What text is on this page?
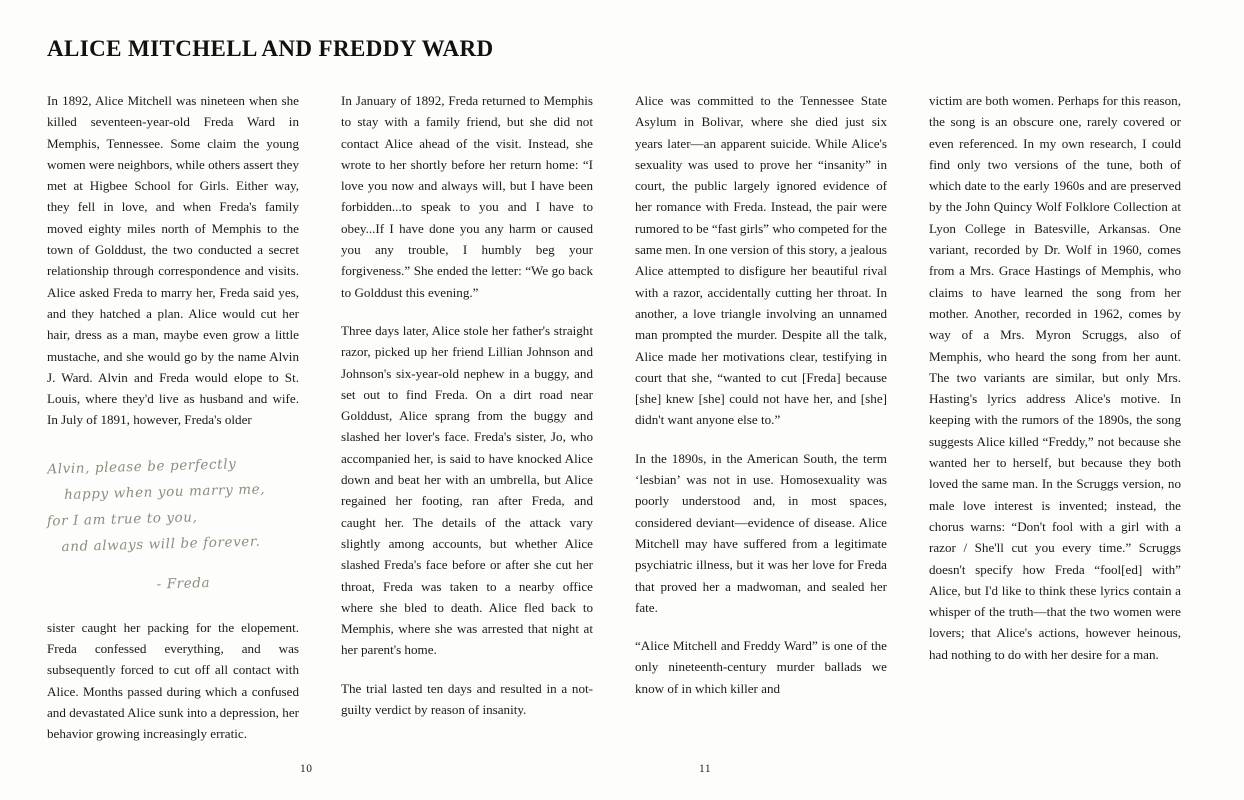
ALICE MITCHELL AND FREDDY WARD

In 1892, Alice Mitchell was nineteen when she killed seventeen-year-old Freda Ward in Memphis, Tennessee. Some claim the young women were neighbors, while others assert they met at Higbee School for Girls. Either way, they fell in love, and when Freda's family moved eighty miles north of Memphis to the town of Golddust, the two conducted a secret relationship through correspondence and visits. Alice asked Freda to marry her, Freda said yes, and they hatched a plan. Alice would cut her hair, dress as a man, maybe even grow a little mustache, and she would go by the name Alvin J. Ward. Alvin and Freda would elope to St. Louis, where they'd live as husband and wife. In July of 1891, however, Freda's older

Alvin, please be perfectly happy when you marry me, for I am true to you, and always will be forever.
- Freda

sister caught her packing for the elopement. Freda confessed everything, and was subsequently forced to cut off all contact with Alice. Months passed during which a confused and devastated Alice sunk into a depression, her behavior growing increasingly erratic.

In January of 1892, Freda returned to Memphis to stay with a family friend, but she did not contact Alice ahead of the visit. Instead, she wrote to her shortly before her return home: “I love you now and always will, but I have been forbidden...to speak to you and I have to obey...If I have done you any harm or caused you any trouble, I humbly beg your forgiveness.” She ended the letter: “We go back to Golddust this evening.”

Three days later, Alice stole her father's straight razor, picked up her friend Lillian Johnson and Johnson's six-year-old nephew in a buggy, and set out to find Freda. On a dirt road near Golddust, Alice sprang from the buggy and slashed her lover's face. Freda's sister, Jo, who accompanied her, is said to have knocked Alice down and beat her with an umbrella, but Alice regained her footing, ran after Freda, and caught her. The details of the attack vary slightly among accounts, but whether Alice slashed Freda's face before or after she cut her throat, Freda was taken to a nearby office where she bled to death. Alice fled back to Memphis, where she was arrested that night at her parent's home.

The trial lasted ten days and resulted in a not-guilty verdict by reason of insanity.

Alice was committed to the Tennessee State Asylum in Bolivar, where she died just six years later—an apparent suicide. While Alice's sexuality was used to prove her “insanity” in court, the public largely ignored evidence of her romance with Freda. Instead, the pair were rumored to be “fast girls” who competed for the same men. In one version of this story, a jealous Alice attempted to disfigure her beautiful rival with a razor, accidentally cutting her throat. In another, a love triangle involving an unnamed man prompted the murder. Despite all the talk, Alice made her motivations clear, testifying in court that she, “wanted to cut [Freda] because [she] knew [she] could not have her, and [she] didn't want anyone else to.”

In the 1890s, in the American South, the term ‘lesbian’ was not in use. Homosexuality was poorly understood and, in most spaces, considered deviant—evidence of disease. Alice Mitchell may have suffered from a legitimate psychiatric illness, but it was her love for Freda that proved her a madwoman, and sealed her fate.

“Alice Mitchell and Freddy Ward” is one of the only nineteenth-century murder ballads we know of in which killer and

victim are both women. Perhaps for this reason, the song is an obscure one, rarely covered or even referenced. In my own research, I could find only two versions of the tune, both of which date to the early 1960s and are preserved by the John Quincy Wolf Folklore Collection at Lyon College in Batesville, Arkansas. One variant, recorded by Dr. Wolf in 1960, comes from a Mrs. Grace Hastings of Memphis, who claims to have learned the song from her mother. Another, recorded in 1962, comes by way of a Mrs. Myron Scruggs, also of Memphis, who heard the song from her aunt. The two variants are similar, but only Mrs. Hasting's lyrics address Alice's motive. In keeping with the rumors of the 1890s, the song suggests Alice killed “Freddy,” not because she wanted her to herself, but because they both loved the same man. In the Scruggs version, no male love interest is invented; instead, the chorus warns: “Don't fool with a girl with a razor / She'll cut you every time.” Scruggs doesn't specify how Freda “fool[ed] with” Alice, but I'd like to think these lyrics contain a whisper of the truth—that the two women were lovers; that Alice's actions, however heinous, had nothing to do with her desire for a man.

10	11
